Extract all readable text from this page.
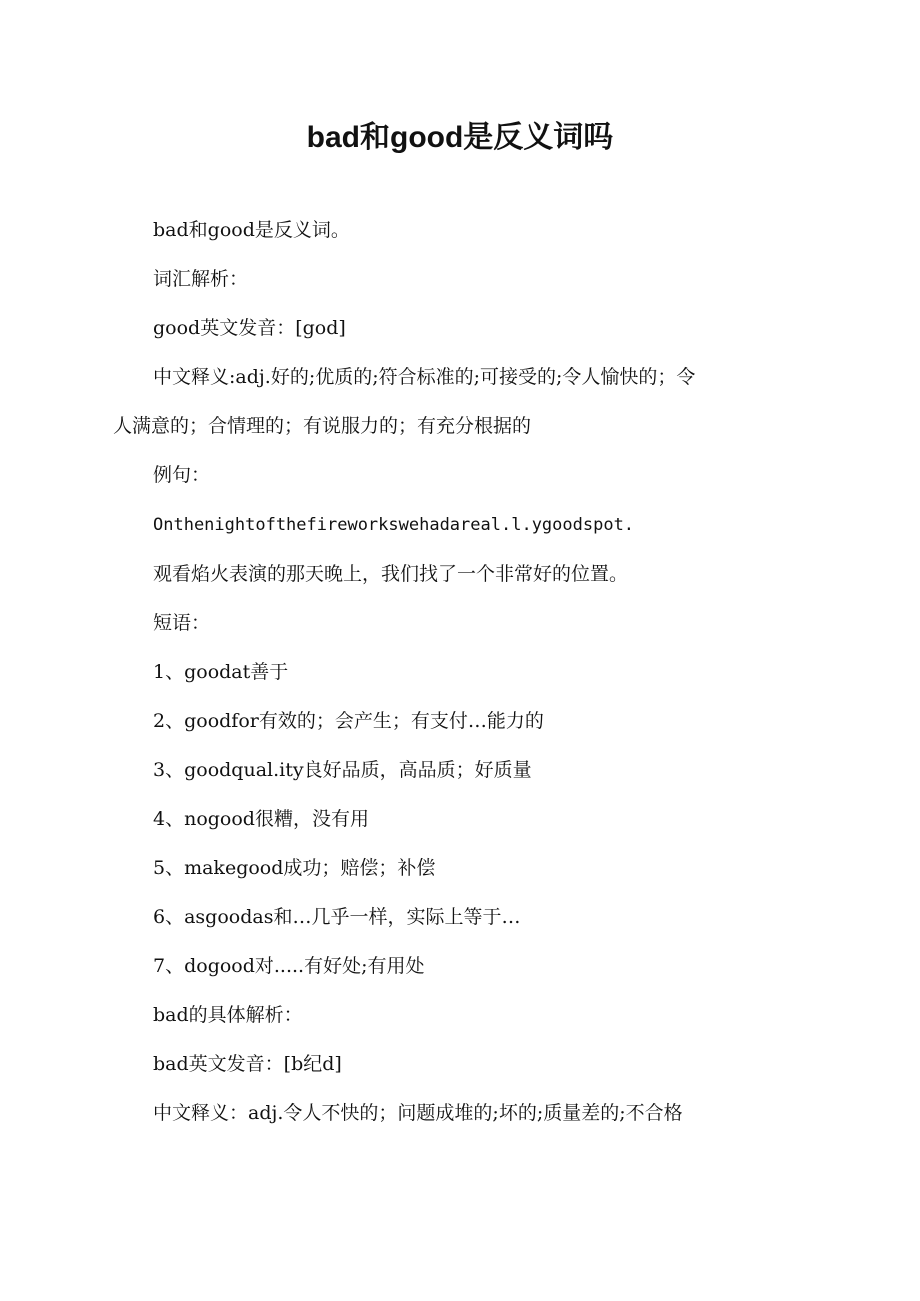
bad和good是反义词吗

bad和good是反义词。

词汇解析：

good英文发音：[god]

中文释义:adj.好的;优质的;符合标准的;可接受的;令人愉快的；令

人满意的；合情理的；有说服力的；有充分根据的

例句：

Onthenightofthefireworkswehadareal.l.ygoodspot.

观看焰火表演的那天晚上，我们找了一个非常好的位置。

短语：

1、goodat善于

2、goodfor有效的；会产生；有支付…能力的

3、goodqual.ity良好品质，高品质；好质量

4、nogood很糟，没有用

5、makegood成功；赔偿；补偿

6、asgoodas和…几乎一样，实际上等于…

7、dogood对.....有好处;有用处

bad的具体解析：

bad英文发音：[b纪d]

中文释义：adj.令人不快的；问题成堆的;坏的;质量差的;不合格
